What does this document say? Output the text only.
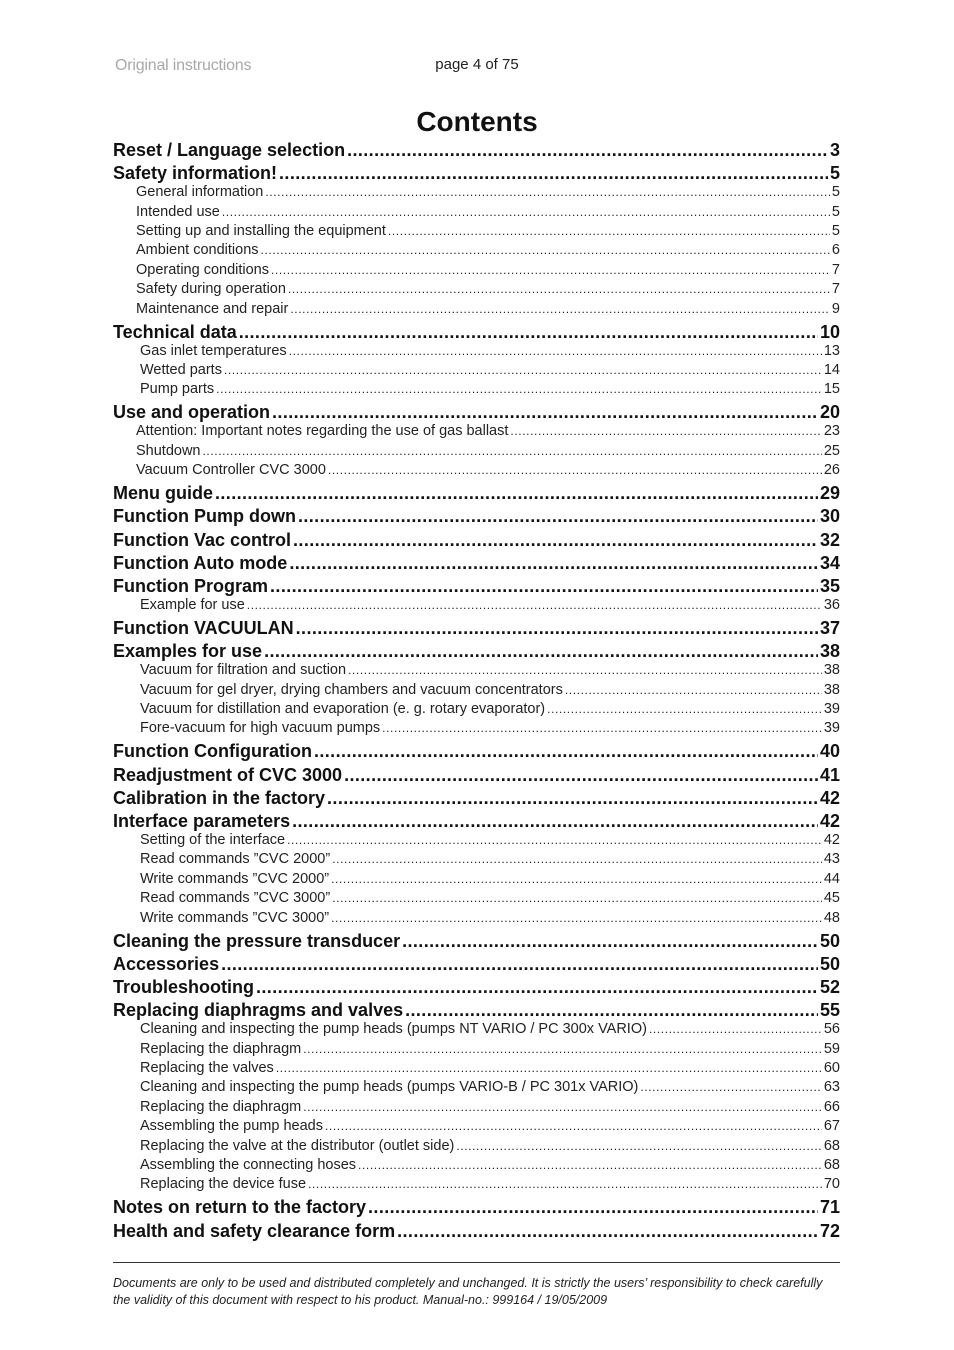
Original instructions	page 4 of 75
Contents
Reset / Language selection .....	3
Safety information! .....	5
General information .....	5
Intended use .....	5
Setting up and installing the equipment .....	5
Ambient conditions .....	6
Operating conditions .....	7
Safety during operation .....	7
Maintenance and repair .....	9
Technical data .....	10
Gas inlet temperatures .....	13
Wetted parts .....	14
Pump parts .....	15
Use and operation .....	20
Attention: Important notes regarding the use of gas ballast .....	23
Shutdown .....	25
Vacuum Controller CVC 3000 .....	26
Menu guide .....	29
Function Pump down .....	30
Function Vac control .....	32
Function Auto mode .....	34
Function Program .....	35
Example for use .....	36
Function VACUULAN .....	37
Examples for use .....	38
Vacuum for filtration and suction .....	38
Vacuum for gel dryer, drying chambers and vacuum concentrators .....	38
Vacuum for distillation and evaporation (e. g. rotary evaporator) .....	39
Fore-vacuum for high vacuum pumps .....	39
Function Configuration .....	40
Readjustment of CVC 3000 .....	41
Calibration in the factory .....	42
Interface parameters .....	42
Setting of the interface .....	42
Read commands ”CVC 2000” .....	43
Write commands ”CVC 2000” .....	44
Read commands ”CVC 3000” .....	45
Write commands ”CVC 3000” .....	48
Cleaning the pressure transducer .....	50
Accessories .....	50
Troubleshooting .....	52
Replacing diaphragms and valves .....	55
Cleaning and inspecting the pump heads (pumps NT VARIO / PC 300x VARIO) .....	56
Replacing the diaphragm .....	59
Replacing the valves .....	60
Cleaning and inspecting the pump heads (pumps VARIO-B / PC 301x VARIO) .....	63
Replacing the diaphragm .....	66
Assembling the pump heads .....	67
Replacing the valve at the distributor (outlet side) .....	68
Assembling the connecting hoses .....	68
Replacing the device fuse .....	70
Notes on return to the factory .....	71
Health and safety clearance form .....	72
Documents are only to be used and distributed completely and unchanged. It is strictly the users’ responsibility to check carefully
the validity of this document with respect to his product. Manual-no.: 999164 / 19/05/2009
